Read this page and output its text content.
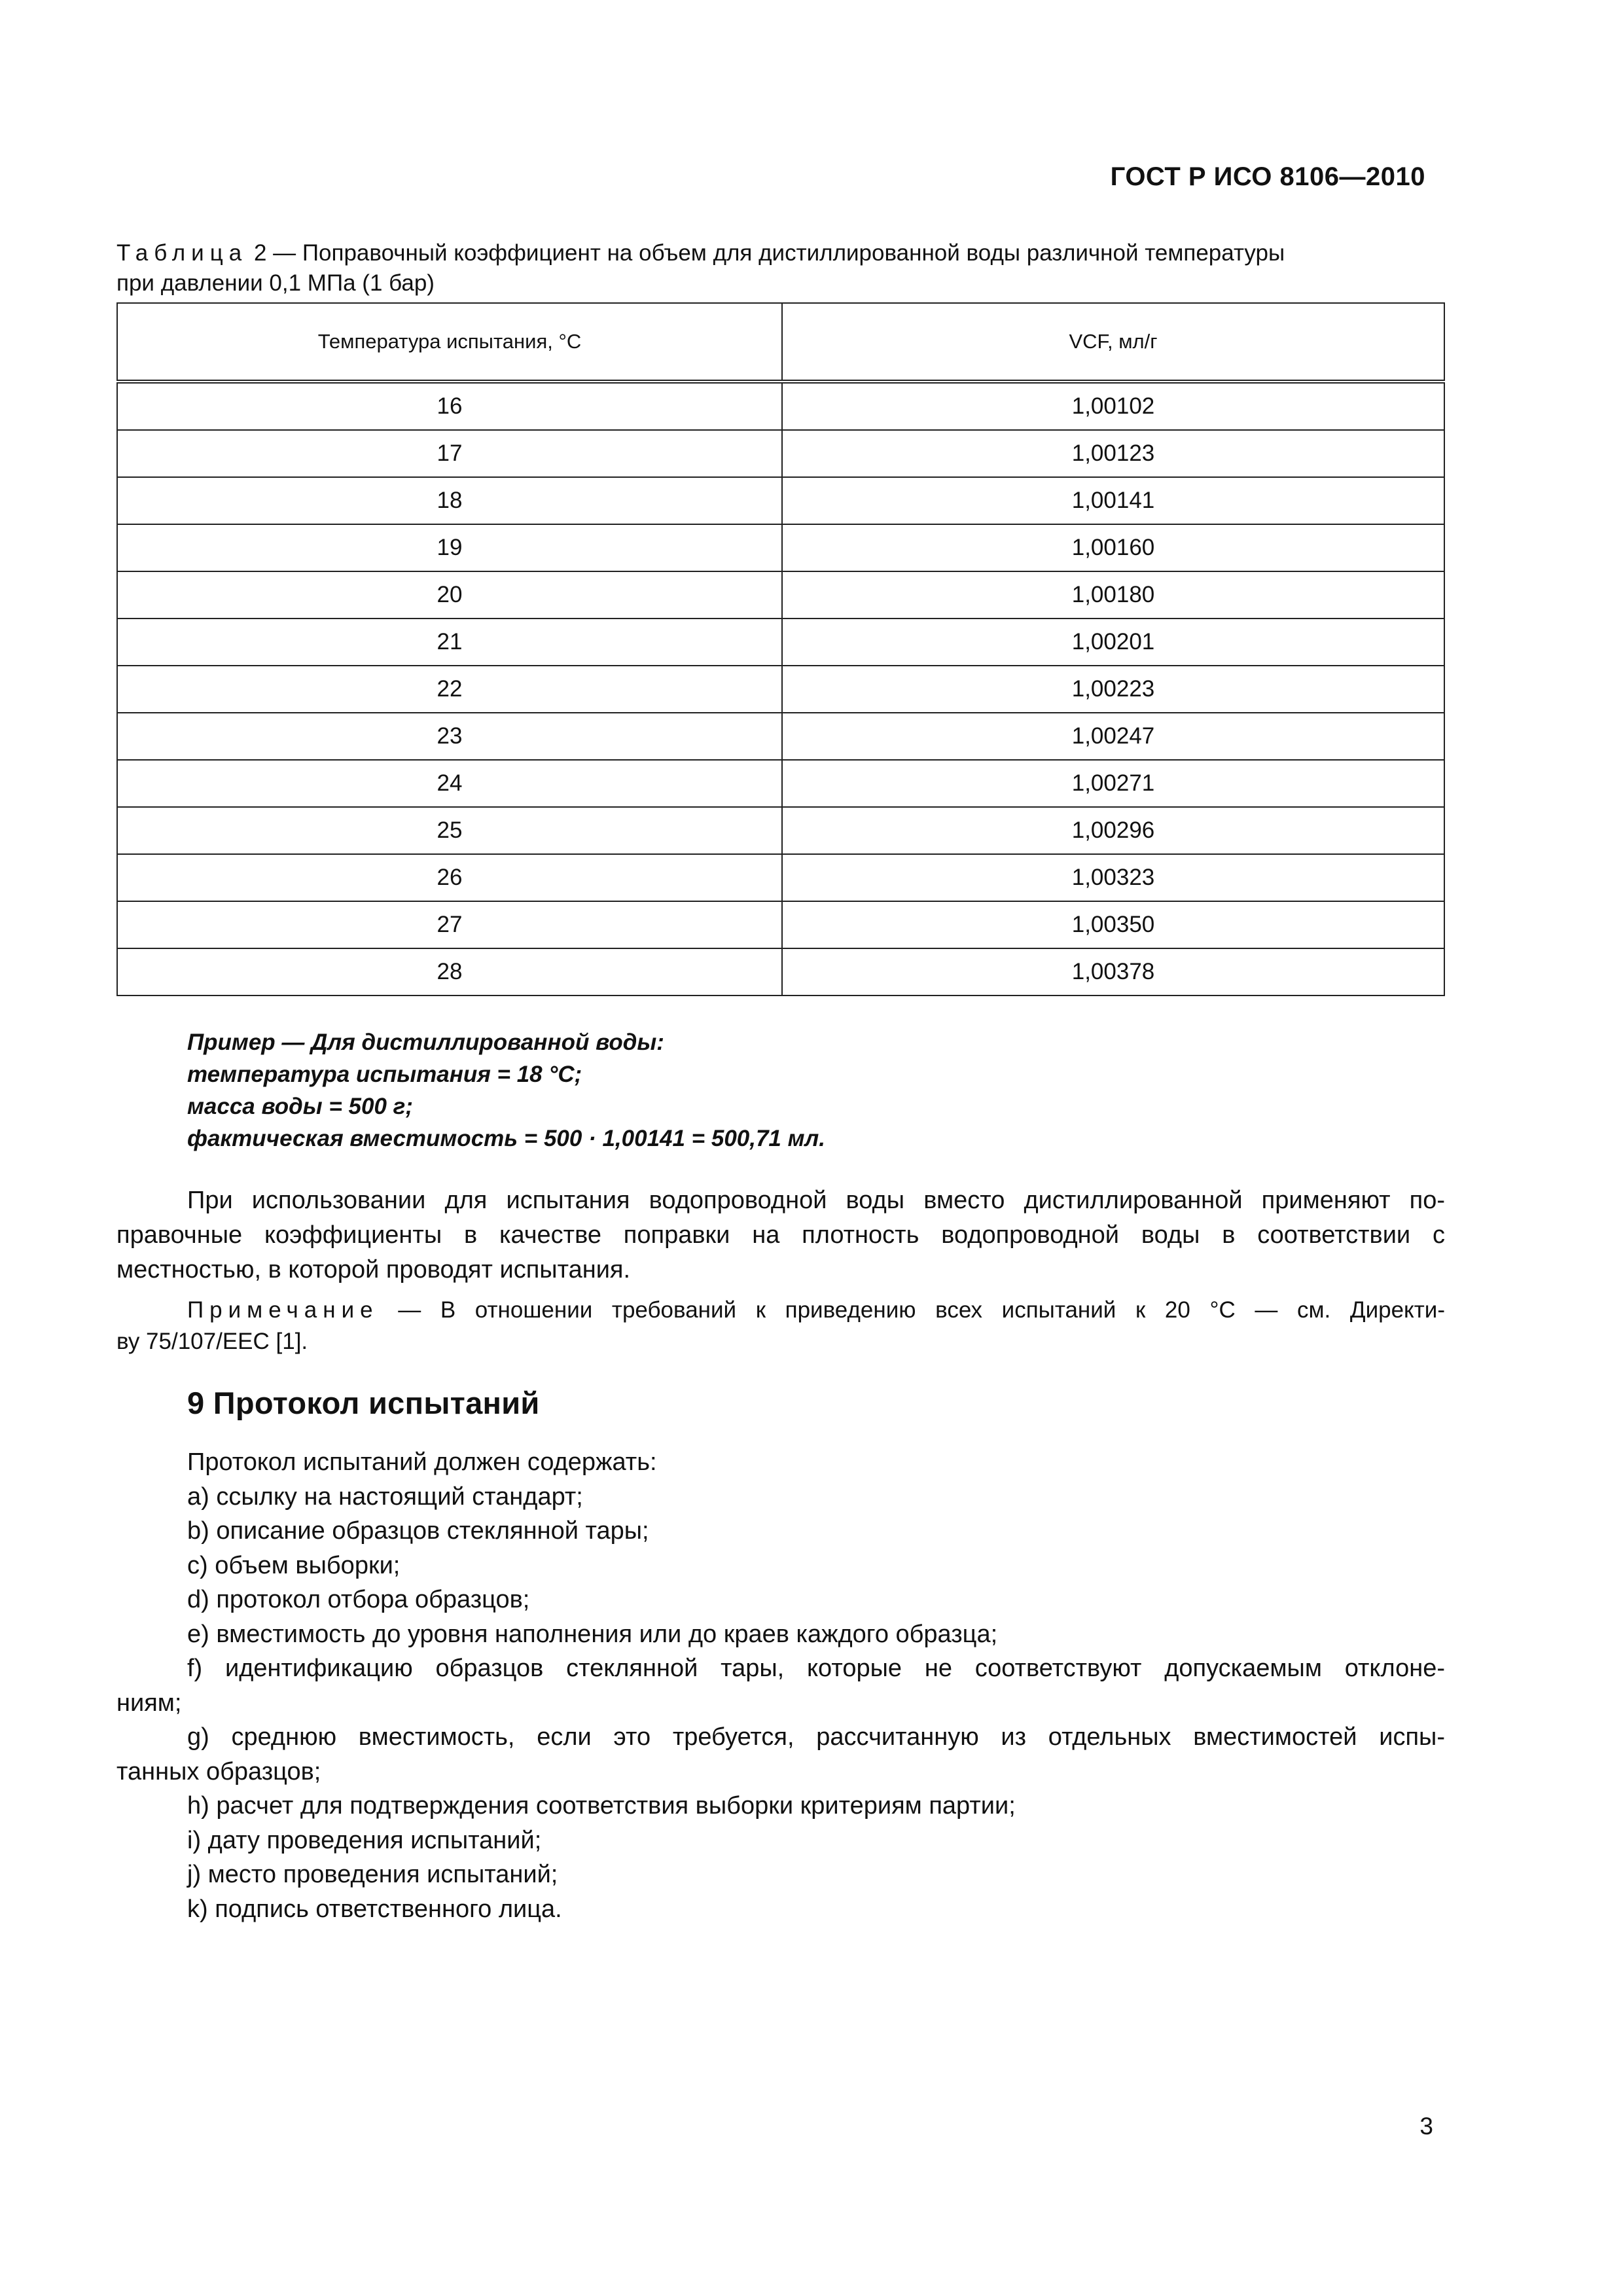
ГОСТ Р ИСО 8106—2010
Таблица 2 — Поправочный коэффициент на объем для дистиллированной воды различной температуры
при давлении 0,1 МПа (1 бар)
Температура испытания, °С	VCF, мл/г
16	1,00102
17	1,00123
18	1,00141
19	1,00160
20	1,00180
21	1,00201
22	1,00223
23	1,00247
24	1,00271
25	1,00296
26	1,00323
27	1,00350
28	1,00378
Пример — Для дистиллированной воды:
температура испытания = 18 °С;
масса воды = 500 г;
фактическая вместимость = 500 · 1,00141 = 500,71 мл.
При использовании для испытания водопроводной воды вместо дистиллированной применяют по-
правочные коэффициенты в качестве поправки на плотность водопроводной воды в соответствии с
местностью, в которой проводят испытания.
Примечание — В отношении требований к приведению всех испытаний к 20 °С — см. Директи-
ву 75/107/ЕЕС [1].
9 Протокол испытаний
Протокол испытаний должен содержать:
a) ссылку на настоящий стандарт;
b) описание образцов стеклянной тары;
c) объем выборки;
d) протокол отбора образцов;
e) вместимость до уровня наполнения или до краев каждого образца;
f) идентификацию образцов стеклянной тары, которые не соответствуют допускаемым отклоне-
ниям;
g) среднюю вместимость, если это требуется, рассчитанную из отдельных вместимостей испы-
танных образцов;
h) расчет для подтверждения соответствия выборки критериям партии;
i) дату проведения испытаний;
j) место проведения испытаний;
k) подпись ответственного лица.
3
